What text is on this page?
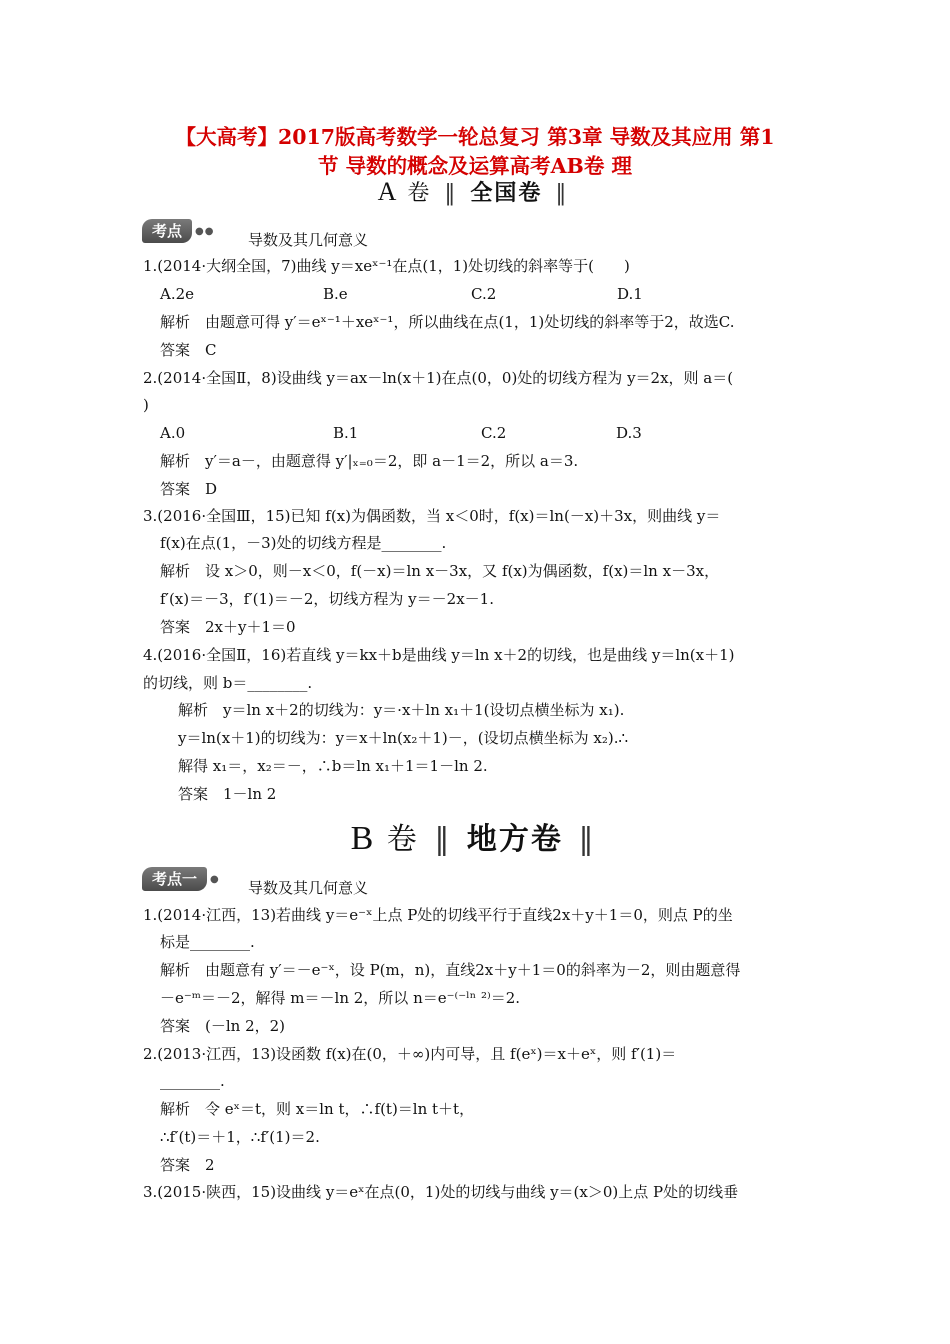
【大高考】2017版高考数学一轮总复习 第3章 导数及其应用 第1
节 导数的概念及运算高考AB卷 理
A 卷 ‖ 全国卷 ‖
考点	●● 导数及其几何意义
1.(2014·大纲全国，7)曲线 y＝xeˣ⁻¹在点(1，1)处切线的斜率等于(　　)
A.2e	B.e	C.2	D.1
解析　由题意可得 y′＝eˣ⁻¹＋xeˣ⁻¹，所以曲线在点(1，1)处切线的斜率等于2，故选C.
答案　C
2.(2014·全国Ⅱ，8)设曲线 y＝ax－ln(x＋1)在点(0，0)处的切线方程为 y＝2x，则 a＝(
)
A.0	B.1	C.2	D.3
解析　y′＝a－，由题意得 y′|ₓ₌₀＝2，即 a－1＝2，所以 a＝3.
答案　D
3.(2016·全国Ⅲ，15)已知 f(x)为偶函数，当 x＜0时，f(x)＝ln(－x)＋3x，则曲线 y＝
f(x)在点(1，－3)处的切线方程是________.
解析　设 x＞0，则－x＜0，f(－x)＝ln x－3x，又 f(x)为偶函数，f(x)＝ln x－3x，
f′(x)＝－3，f′(1)＝－2，切线方程为 y＝－2x－1.
答案　2x＋y＋1＝0
4.(2016·全国Ⅱ，16)若直线 y＝kx＋b是曲线 y＝ln x＋2的切线，也是曲线 y＝ln(x＋1)
的切线，则 b＝________.
解析　y＝ln x＋2的切线为：y＝·x＋ln x₁＋1(设切点横坐标为 x₁).
y＝ln(x＋1)的切线为：y＝x＋ln(x₂＋1)－，(设切点横坐标为 x₂).∴
解得 x₁＝，x₂＝－，∴b＝ln x₁＋1＝1－ln 2.
答案　1－ln 2
B 卷 ‖ 地方卷 ‖
考点一	● 导数及其几何意义
1.(2014·江西，13)若曲线 y＝e⁻ˣ上点 P处的切线平行于直线2x＋y＋1＝0，则点 P的坐
标是________.
解析　由题意有 y′＝－e⁻ˣ，设 P(m，n)，直线2x＋y＋1＝0的斜率为－2，则由题意得
－e⁻ᵐ＝－2，解得 m＝－ln 2，所以 n＝e⁻⁽⁻ˡⁿ ²⁾＝2.
答案　(－ln 2，2)
2.(2013·江西，13)设函数 f(x)在(0，＋∞)内可导，且 f(eˣ)＝x＋eˣ，则 f′(1)＝
________.
解析　令 eˣ＝t，则 x＝ln t，∴f(t)＝ln t＋t，
∴f′(t)＝＋1，∴f′(1)＝2.
答案　2
3.(2015·陕西，15)设曲线 y＝eˣ在点(0，1)处的切线与曲线 y＝(x＞0)上点 P处的切线垂
